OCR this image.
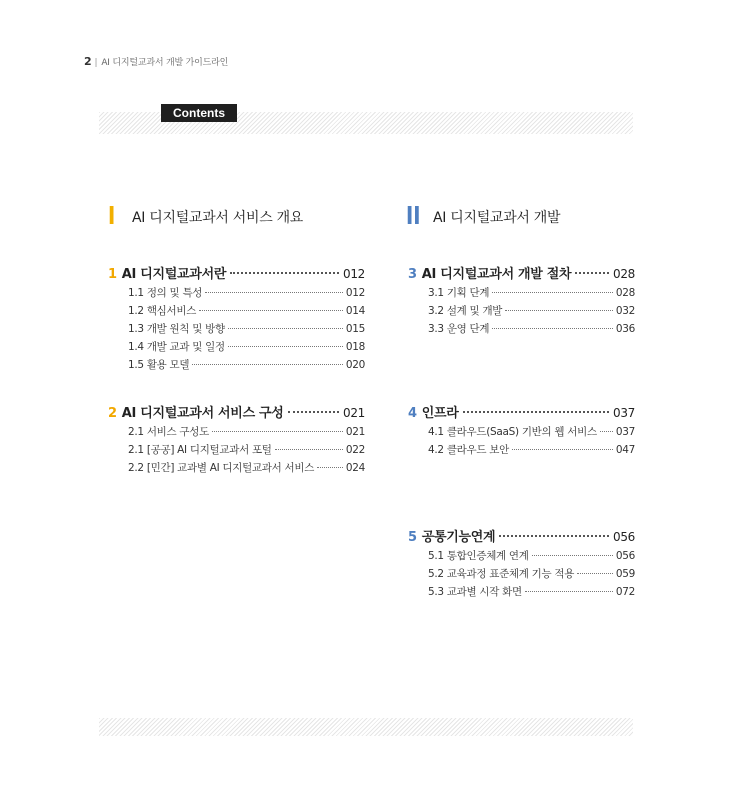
2 | AI 디지털교과서 개발 가이드라인
Contents
I AI 디지털교과서 서비스 개요	II AI 디지털교과서 개발
1 AI 디지털교과서란	012
1.1 정의 및 특성	012
1.2 핵심서비스	014
1.3 개발 원칙 및 방향	015
1.4 개발 교과 및 일정	018
1.5 활용 모델	020
2 AI 디지털교과서 서비스 구성	021
2.1 서비스 구성도	021
2.1 [공공] AI 디지털교과서 포털	022
2.2 [민간] 교과별 AI 디지털교과서 서비스	024
3 AI 디지털교과서 개발 절차	028
3.1 기획 단계	028
3.2 설계 및 개발	032
3.3 운영 단계	036
4 인프라	037
4.1 클라우드(SaaS) 기반의 웹 서비스 037
4.2 클라우드 보안	047
5 공통기능연계	056
5.1 통합인증체계 연계	056
5.2 교육과정 표준체계 기능 적용	059
5.3 교과별 시작 화면	072
